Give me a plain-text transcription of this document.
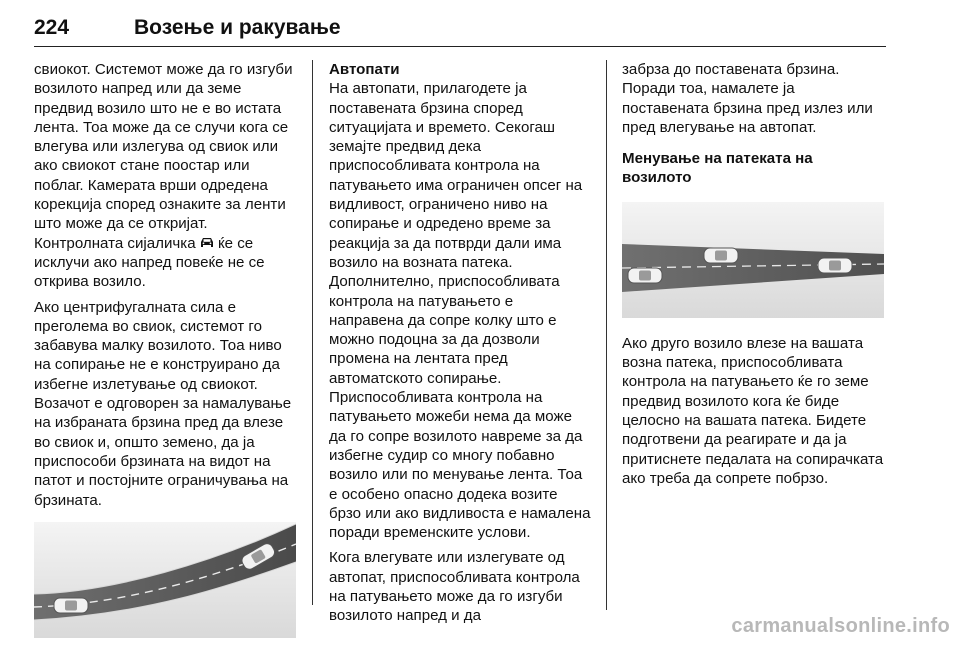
224	Возење и ракување

свиокот. Системот може да го изгуби возилото напред или да земе предвид возило што не е во истата лента. Тоа може да се случи кога се влегува или излегува од свиок или ако свиокот стане поостар или поблаг. Камерата врши одредена корекција според ознаките за ленти што може да се откријат. Контролната сијаличка ќе се исклучи ако напред повеќе не се открива возило.

Ако центрифугалната сила е преголема во свиок, системот го забавува малку возилото. Тоа ниво на сопирање не е конструирано да избегне излетување од свиокот. Возачот е одговорен за намалување на избраната брзина пред да влезе во свиок и, општо земено, да ја приспособи брзината на видот на патот и постојните ограничувања на брзината.

Автопати

На автопати, прилагодете ја поставената брзина според ситуацијата и времето. Секогаш земајте предвид дека приспособливата контрола на патувањето има ограничен опсег на видливост, ограничено ниво на сопирање и одредено време за реакција за да потврди дали има возило на возната патека. Дополнително, приспособливата контрола на патувањето е направена да сопре колку што е можно подоцна за да дозволи промена на лентата пред автоматското сопирање. Приспособливата контрола на патувањето можеби нема да може да го сопре возилото навреме за да избегне судир со многу побавно возило или по менување лента. Тоа е особено опасно додека возите брзо или ако видливоста е намалена поради временските услови.

Кога влегувате или излегувате од автопат, приспособливата контрола на патувањето може да го изгуби возилото напред и да

забрза до поставената брзина. Поради тоа, намалете ја поставената брзина пред излез или пред влегување на автопат.

Менување на патеката на возилото

Ако друго возило влезе на вашата возна патека, приспособливата контрола на патувањето ќе го земе предвид возилото кога ќе биде целосно на вашата патека. Бидете подготвени да реагирате и да ја притиснете педалата на сопирачката ако треба да сопрете побрзо.

carmanualsonline.info
